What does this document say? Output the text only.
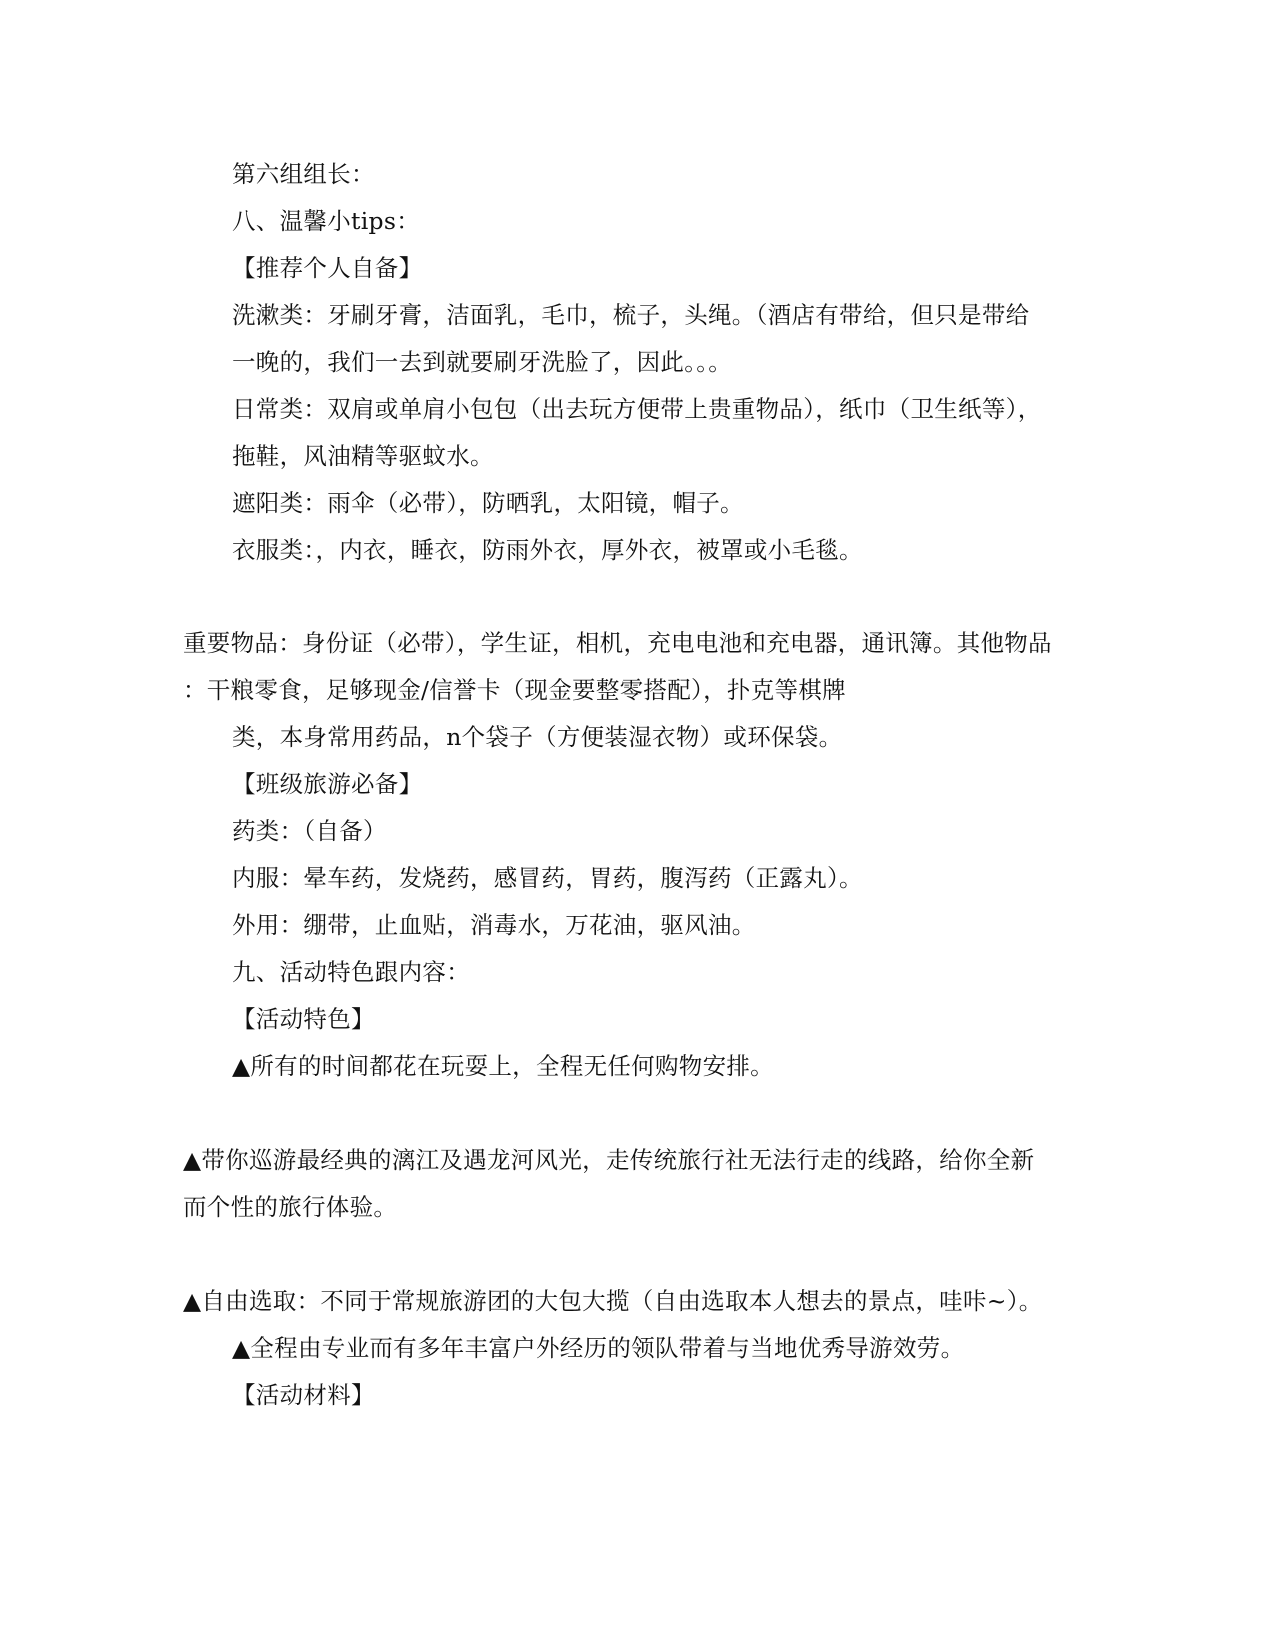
第六组组长：
八、温馨小tips：
【推荐个人自备】
洗漱类：牙刷牙膏，洁面乳，毛巾，梳子，头绳。（酒店有带给，但只是带给
一晚的，我们一去到就要刷牙洗脸了，因此。。。
日常类：双肩或单肩小包包（出去玩方便带上贵重物品），纸巾（卫生纸等），
拖鞋，风油精等驱蚊水。
遮阳类：雨伞（必带），防晒乳，太阳镜，帽子。
衣服类：，内衣，睡衣，防雨外衣，厚外衣，被罩或小毛毯。
重要物品：身份证（必带），学生证，相机，充电电池和充电器，通讯簿。其他物品
：干粮零食，足够现金/信誉卡（现金要整零搭配），扑克等棋牌
类，本身常用药品，n个袋子（方便装湿衣物）或环保袋。
【班级旅游必备】
药类：（自备）
内服：晕车药，发烧药，感冒药，胃药，腹泻药（正露丸）。
外用：绷带，止血贴，消毒水，万花油，驱风油。
九、活动特色跟内容：
【活动特色】
▲所有的时间都花在玩耍上，全程无任何购物安排。
▲带你巡游最经典的漓江及遇龙河风光，走传统旅行社无法行走的线路，给你全新
而个性的旅行体验。
▲自由选取：不同于常规旅游团的大包大揽（自由选取本人想去的景点，哇咔~）。
▲全程由专业而有多年丰富户外经历的领队带着与当地优秀导游效劳。
【活动材料】
